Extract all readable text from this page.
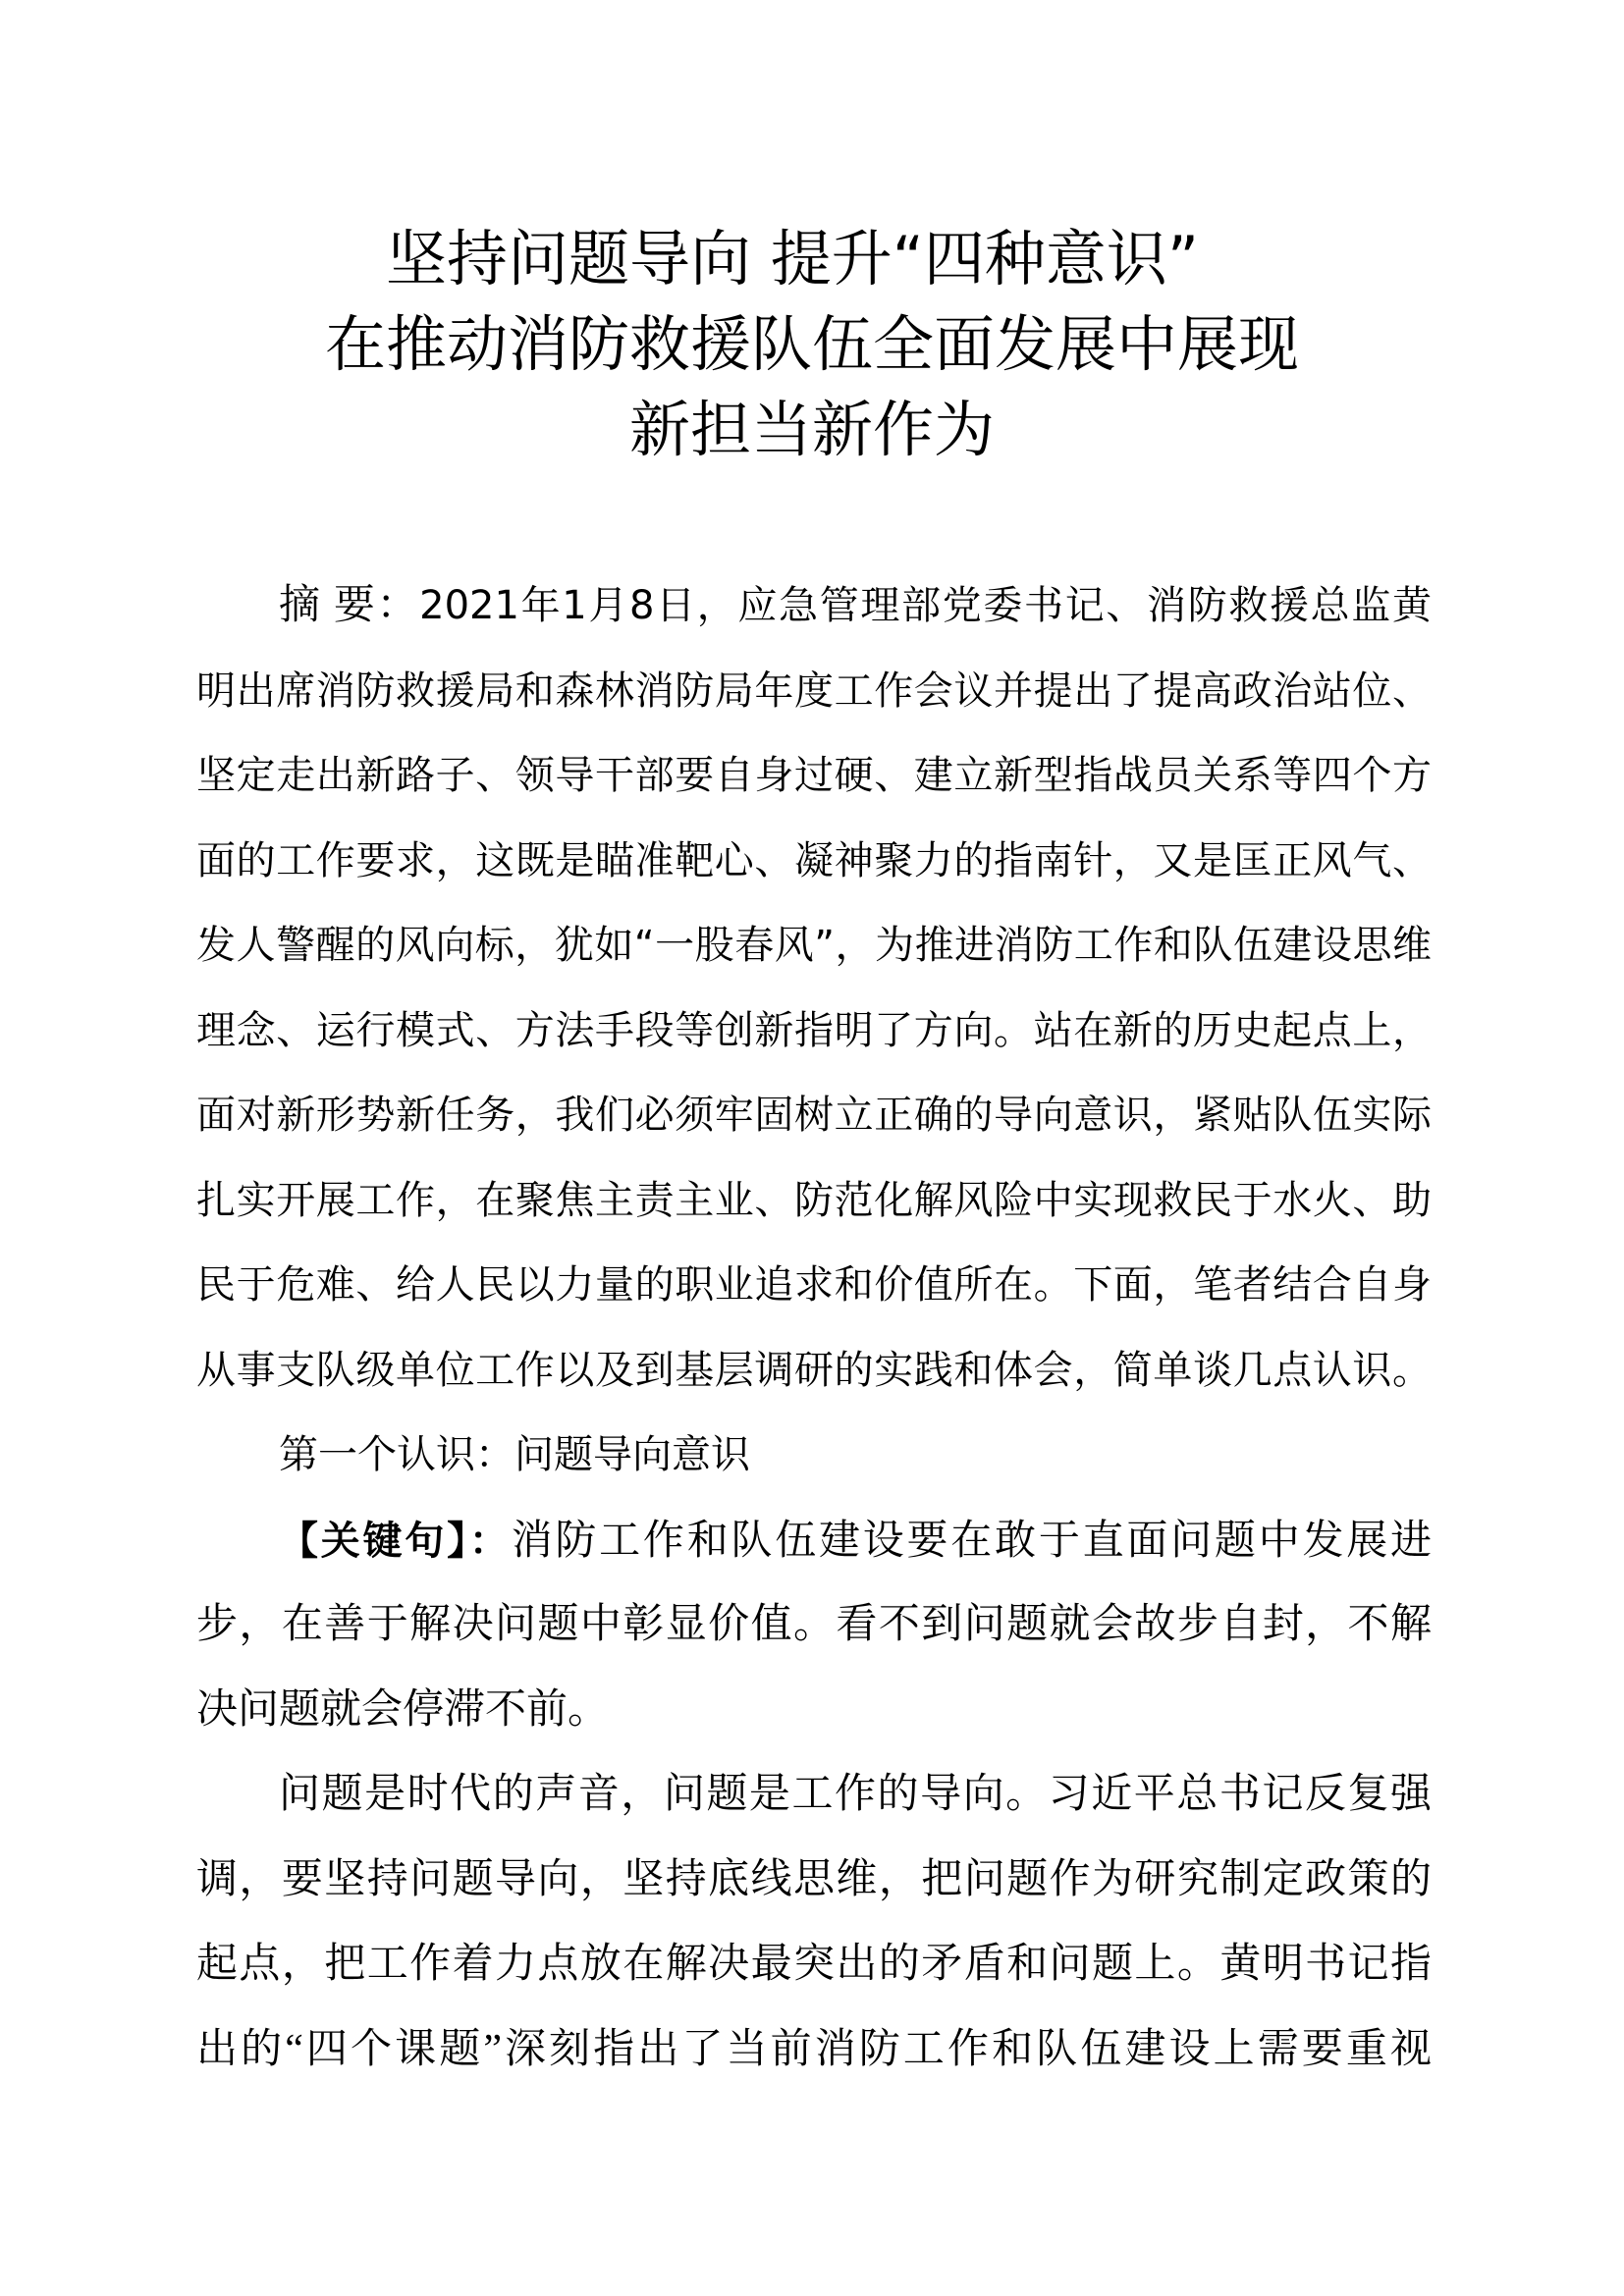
坚持问题导向 提升“四种意识”
在推动消防救援队伍全面发展中展现
新担当新作为
摘 要：2021年1月8日，应急管理部党委书记、消防救援总监黄
明出席消防救援局和森林消防局年度工作会议并提出了提高政治站位、
坚定走出新路子、领导干部要自身过硬、建立新型指战员关系等四个方
面的工作要求，这既是瞄准靶心、凝神聚力的指南针，又是匡正风气、
发人警醒的风向标，犹如“一股春风”，为推进消防工作和队伍建设思维
理念、运行模式、方法手段等创新指明了方向。站在新的历史起点上，
面对新形势新任务，我们必须牢固树立正确的导向意识，紧贴队伍实际
扎实开展工作，在聚焦主责主业、防范化解风险中实现救民于水火、助
民于危难、给人民以力量的职业追求和价值所在。下面，笔者结合自身
从事支队级单位工作以及到基层调研的实践和体会，简单谈几点认识。
第一个认识：问题导向意识
【关键句】：消防工作和队伍建设要在敢于直面问题中发展进
步，在善于解决问题中彰显价值。看不到问题就会故步自封，不解
决问题就会停滞不前。
问题是时代的声音，问题是工作的导向。习近平总书记反复强
调，要坚持问题导向，坚持底线思维，把问题作为研究制定政策的
起点，把工作着力点放在解决最突出的矛盾和问题上。黄明书记指
出的“四个课题”深刻指出了当前消防工作和队伍建设上需要重视
